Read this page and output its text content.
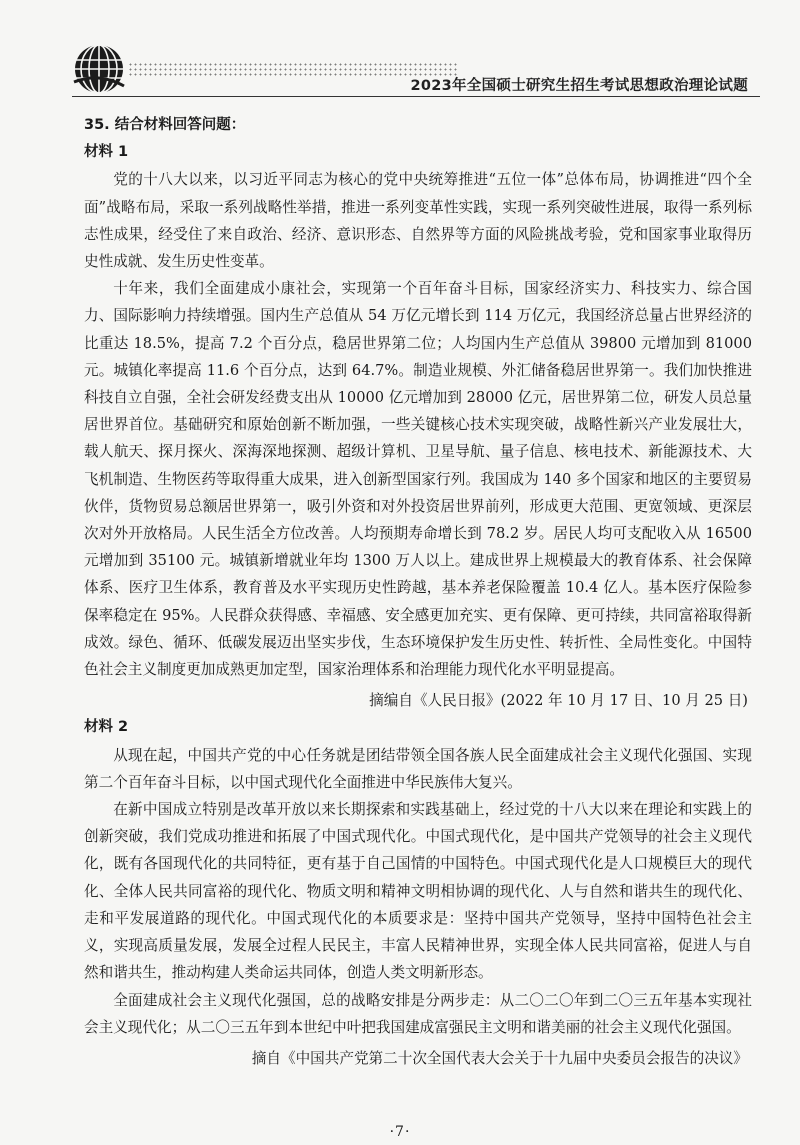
2023年全国硕士研究生招生考试思想政治理论试题
35. 结合材料回答问题：
材料 1

党的十八大以来，以习近平同志为核心的党中央统筹推进“五位一体”总体布局，协调推进“四个全面”战略布局，采取一系列战略性举措，推进一系列变革性实践，实现一系列突破性进展，取得一系列标志性成果，经受住了来自政治、经济、意识形态、自然界等方面的风险挑战考验，党和国家事业取得历史性成就、发生历史性变革。

十年来，我们全面建成小康社会，实现第一个百年奋斗目标，国家经济实力、科技实力、综合国力、国际影响力持续增强。国内生产总值从 54 万亿元增长到 114 万亿元，我国经济总量占世界经济的比重达 18.5%，提高 7.2 个百分点，稳居世界第二位；人均国内生产总值从 39800 元增加到 81000 元。城镇化率提高 11.6 个百分点，达到 64.7%。制造业规模、外汇储备稳居世界第一。我们加快推进科技自立自强，全社会研发经费支出从 10000 亿元增加到 28000 亿元，居世界第二位，研发人员总量居世界首位。基础研究和原始创新不断加强，一些关键核心技术实现突破，战略性新兴产业发展壮大，载人航天、探月探火、深海深地探测、超级计算机、卫星导航、量子信息、核电技术、新能源技术、大飞机制造、生物医药等取得重大成果，进入创新型国家行列。我国成为 140 多个国家和地区的主要贸易伙伴，货物贸易总额居世界第一，吸引外资和对外投资居世界前列，形成更大范围、更宽领域、更深层次对外开放格局。人民生活全方位改善。人均预期寿命增长到 78.2 岁。居民人均可支配收入从 16500 元增加到 35100 元。城镇新增就业年均 1300 万人以上。建成世界上规模最大的教育体系、社会保障体系、医疗卫生体系，教育普及水平实现历史性跨越，基本养老保险覆盖 10.4 亿人。基本医疗保险参保率稳定在 95%。人民群众获得感、幸福感、安全感更加充实、更有保障、更可持续，共同富裕取得新成效。绿色、循环、低碳发展迈出坚实步伐，生态环境保护发生历史性、转折性、全局性变化。中国特色社会主义制度更加成熟更加定型，国家治理体系和治理能力现代化水平明显提高。

摘编自《人民日报》(2022 年 10 月 17 日、10 月 25 日)

材料 2

从现在起，中国共产党的中心任务就是团结带领全国各族人民全面建成社会主义现代化强国、实现第二个百年奋斗目标，以中国式现代化全面推进中华民族伟大复兴。

在新中国成立特别是改革开放以来长期探索和实践基础上，经过党的十八大以来在理论和实践上的创新突破，我们党成功推进和拓展了中国式现代化。中国式现代化，是中国共产党领导的社会主义现代化，既有各国现代化的共同特征，更有基于自己国情的中国特色。中国式现代化是人口规模巨大的现代化、全体人民共同富裕的现代化、物质文明和精神文明相协调的现代化、人与自然和谐共生的现代化、走和平发展道路的现代化。中国式现代化的本质要求是：坚持中国共产党领导，坚持中国特色社会主义，实现高质量发展，发展全过程人民民主，丰富人民精神世界，实现全体人民共同富裕，促进人与自然和谐共生，推动构建人类命运共同体，创造人类文明新形态。

全面建成社会主义现代化强国，总的战略安排是分两步走：从二〇二〇年到二〇三五年基本实现社会主义现代化；从二〇三五年到本世纪中叶把我国建成富强民主文明和谐美丽的社会主义现代化强国。

摘自《中国共产党第二十次全国代表大会关于十九届中央委员会报告的决议》

·7·
